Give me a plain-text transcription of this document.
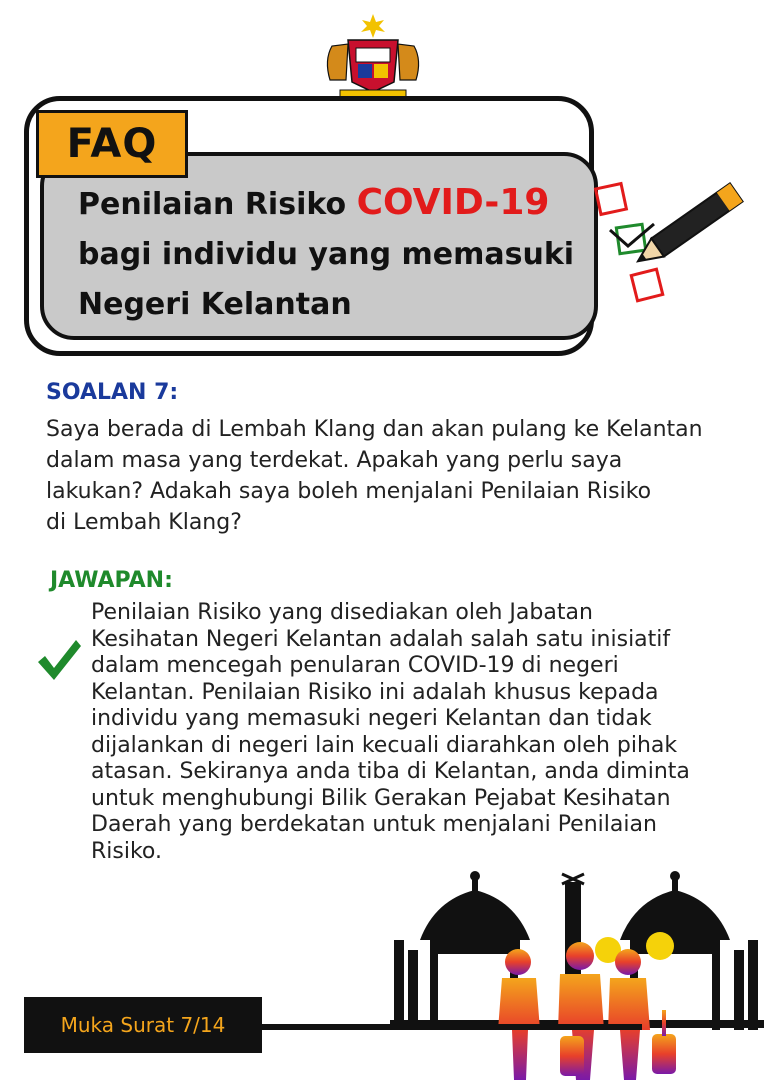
FAQ
Penilaian Risiko COVID-19
bagi individu yang memasuki
Negeri Kelantan
SOALAN 7:
Saya berada di Lembah Klang dan akan pulang ke Kelantan
dalam masa yang terdekat. Apakah yang perlu saya
lakukan? Adakah saya boleh menjalani Penilaian Risiko
di Lembah Klang?
JAWAPAN:
Penilaian Risiko yang disediakan oleh Jabatan
Kesihatan Negeri Kelantan adalah salah satu inisiatif
dalam mencegah penularan COVID-19 di negeri
Kelantan. Penilaian Risiko ini adalah khusus kepada
individu yang memasuki negeri Kelantan dan tidak
dijalankan di negeri lain kecuali diarahkan oleh pihak
atasan. Sekiranya anda tiba di Kelantan, anda diminta
untuk menghubungi Bilik Gerakan Pejabat Kesihatan
Daerah yang berdekatan untuk menjalani Penilaian
Risiko.
Muka Surat 7/14
